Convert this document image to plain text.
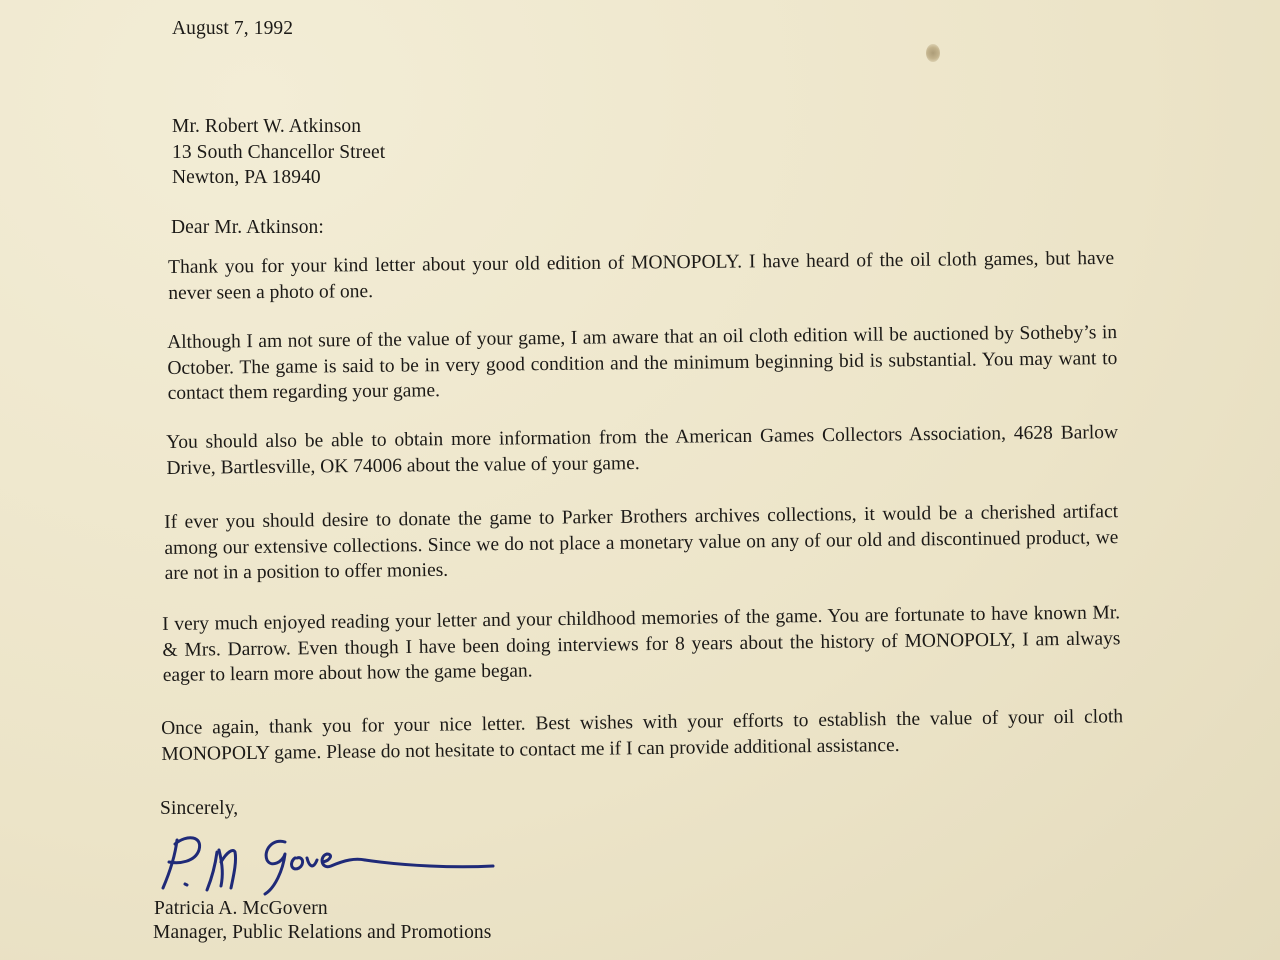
August 7, 1992
Mr. Robert W. Atkinson
13 South Chancellor Street
Newton, PA 18940
Dear Mr. Atkinson:
Thank you for your kind letter about your old edition of MONOPOLY. I have heard of the oil cloth games, but have never seen a photo of one.
Although I am not sure of the value of your game, I am aware that an oil cloth edition will be auctioned by Sotheby’s in October. The game is said to be in very good condition and the minimum beginning bid is substantial. You may want to contact them regarding your game.
You should also be able to obtain more information from the American Games Collectors Association, 4628 Barlow Drive, Bartlesville, OK 74006 about the value of your game.
If ever you should desire to donate the game to Parker Brothers archives collections, it would be a cherished artifact among our extensive collections. Since we do not place a monetary value on any of our old and discontinued product, we are not in a position to offer monies.
I very much enjoyed reading your letter and your childhood memories of the game. You are fortunate to have known Mr. & Mrs. Darrow. Even though I have been doing interviews for 8 years about the history of MONOPOLY, I am always eager to learn more about how the game began.
Once again, thank you for your nice letter. Best wishes with your efforts to establish the value of your oil cloth MONOPOLY game. Please do not hesitate to contact me if I can provide additional assistance.
Sincerely,
Patricia A. McGovern
Manager, Public Relations and Promotions
